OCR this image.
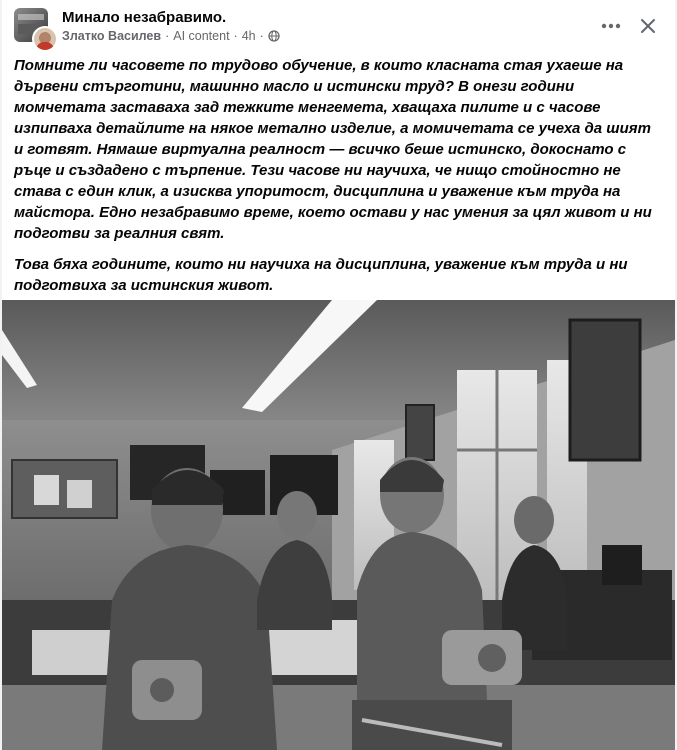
Минало незабравимо.
Златко Василев · AI content · 4h ·

Помните ли часовете по трудово обучение, в които класната стая ухаеше на дървени стърготини, машинно масло и истински труд? В онези години момчетата заставаха зад тежките менгемета, хващаха пилите и с часове изпипваха детайлите на някое метално изделие, а момичетата се учеха да шият и готвят. Нямаше виртуална реалност — всичко беше истинско, докоснато с ръце и създадено с търпение. Тези часове ни научиха, че нищо стойностно не става с един клик, а изисква упоритост, дисциплина и уважение към труда на майстора. Едно незабравимо време, което остави у нас умения за цял живот и ни подготви за реалния свят.

Това бяха годините, които ни научиха на дисциплина, уважение към труда и ни подготвиха за истинския живот.
